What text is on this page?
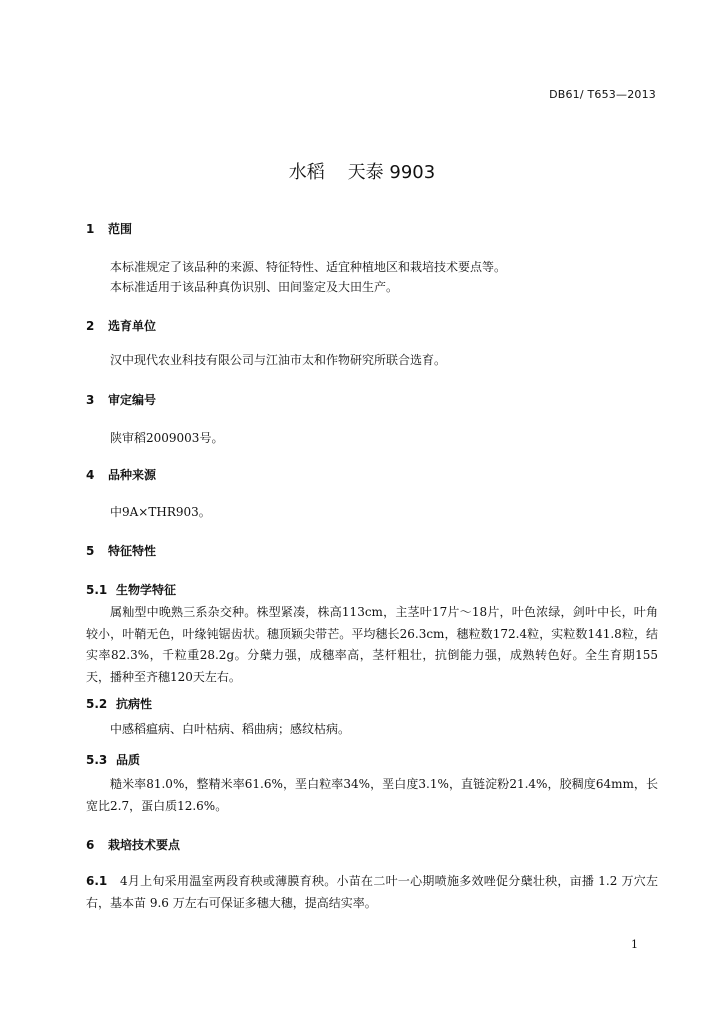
DB61/ T653—2013
水稻    天泰 9903
1 范围
本标准规定了该品种的来源、特征特性、适宜种植地区和栽培技术要点等。
本标准适用于该品种真伪识别、田间鉴定及大田生产。
2 选育单位
汉中现代农业科技有限公司与江油市太和作物研究所联合选育。
3 审定编号
陕审稻2009003号。
4 品种来源
中9A×THR903。
5 特征特性
5.1 生物学特征
属籼型中晚熟三系杂交种。株型紧凑，株高113cm，主茎叶17片～18片，叶色浓绿，剑叶中长，叶角较小，叶鞘无色，叶缘钝锯齿状。穗顶颖尖带芒。平均穗长26.3cm，穗粒数172.4粒，实粒数141.8粒，结实率82.3%，千粒重28.2g。分蘖力强，成穗率高，茎杆粗壮，抗倒能力强，成熟转色好。全生育期155天，播种至齐穗120天左右。
5.2 抗病性
中感稻瘟病、白叶枯病、稻曲病；感纹枯病。
5.3 品质
糙米率81.0%，整精米率61.6%，垩白粒率34%，垩白度3.1%，直链淀粉21.4%，胶稠度64mm，长宽比2.7，蛋白质12.6%。
6 栽培技术要点
6.1 4月上旬采用温室两段育秧或薄膜育秧。小苗在二叶一心期喷施多效唑促分蘖壮秧，亩播 1.2 万穴左右，基本苗 9.6 万左右可保证多穗大穗，提高结实率。
1
